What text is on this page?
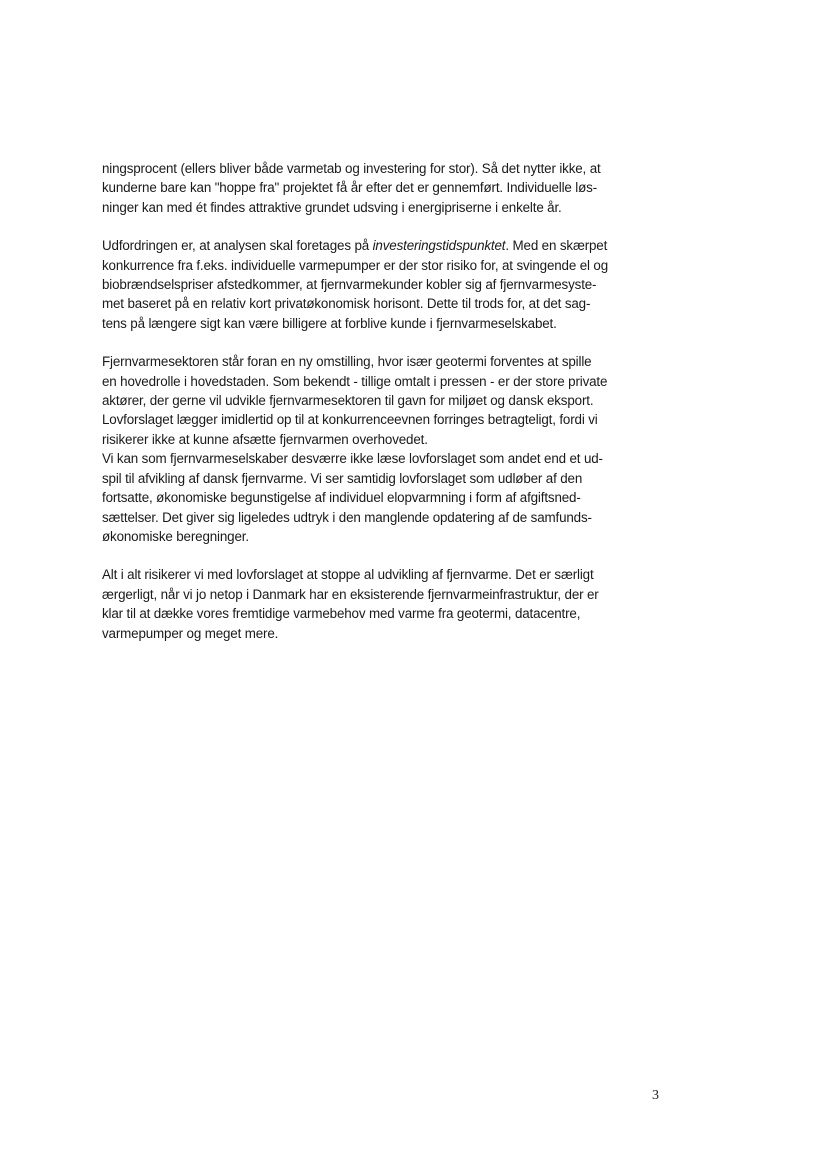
ningsprocent (ellers bliver både varmetab og investering for stor). Så det nytter ikke, at
kunderne bare kan "hoppe fra" projektet få år efter det er gennemført. Individuelle løs-
ninger kan med ét findes attraktive grundet udsving i energipriserne i enkelte år.

Udfordringen er, at analysen skal foretages på investeringstidspunktet. Med en skærpet
konkurrence fra f.eks. individuelle varmepumper er der stor risiko for, at svingende el og
biobrændselspriser afstedkommer, at fjernvarmekunder kobler sig af fjernvarmesyste-
met baseret på en relativ kort privatøkonomisk horisont. Dette til trods for, at det sag-
tens på længere sigt kan være billigere at forblive kunde i fjernvarmeselskabet.

Fjernvarmesektoren står foran en ny omstilling, hvor især geotermi forventes at spille
en hovedrolle i hovedstaden. Som bekendt - tillige omtalt i pressen - er der store private
aktører, der gerne vil udvikle fjernvarmesektoren til gavn for miljøet og dansk eksport.
Lovforslaget lægger imidlertid op til at konkurrenceevnen forringes betragteligt, fordi vi
risikerer ikke at kunne afsætte fjernvarmen overhovedet.
Vi kan som fjernvarmeselskaber desværre ikke læse lovforslaget som andet end et ud-
spil til afvikling af dansk fjernvarme. Vi ser samtidig lovforslaget som udløber af den
fortsatte, økonomiske begunstigelse af individuel elopvarmning i form af afgiftsned-
sættelser. Det giver sig ligeledes udtryk i den manglende opdatering af de samfunds-
økonomiske beregninger.

Alt i alt risikerer vi med lovforslaget at stoppe al udvikling af fjernvarme. Det er særligt
ærgerligt, når vi jo netop i Danmark har en eksisterende fjernvarmeinfrastruktur, der er
klar til at dække vores fremtidige varmebehov med varme fra geotermi, datacentre,
varmepumper og meget mere.

3
